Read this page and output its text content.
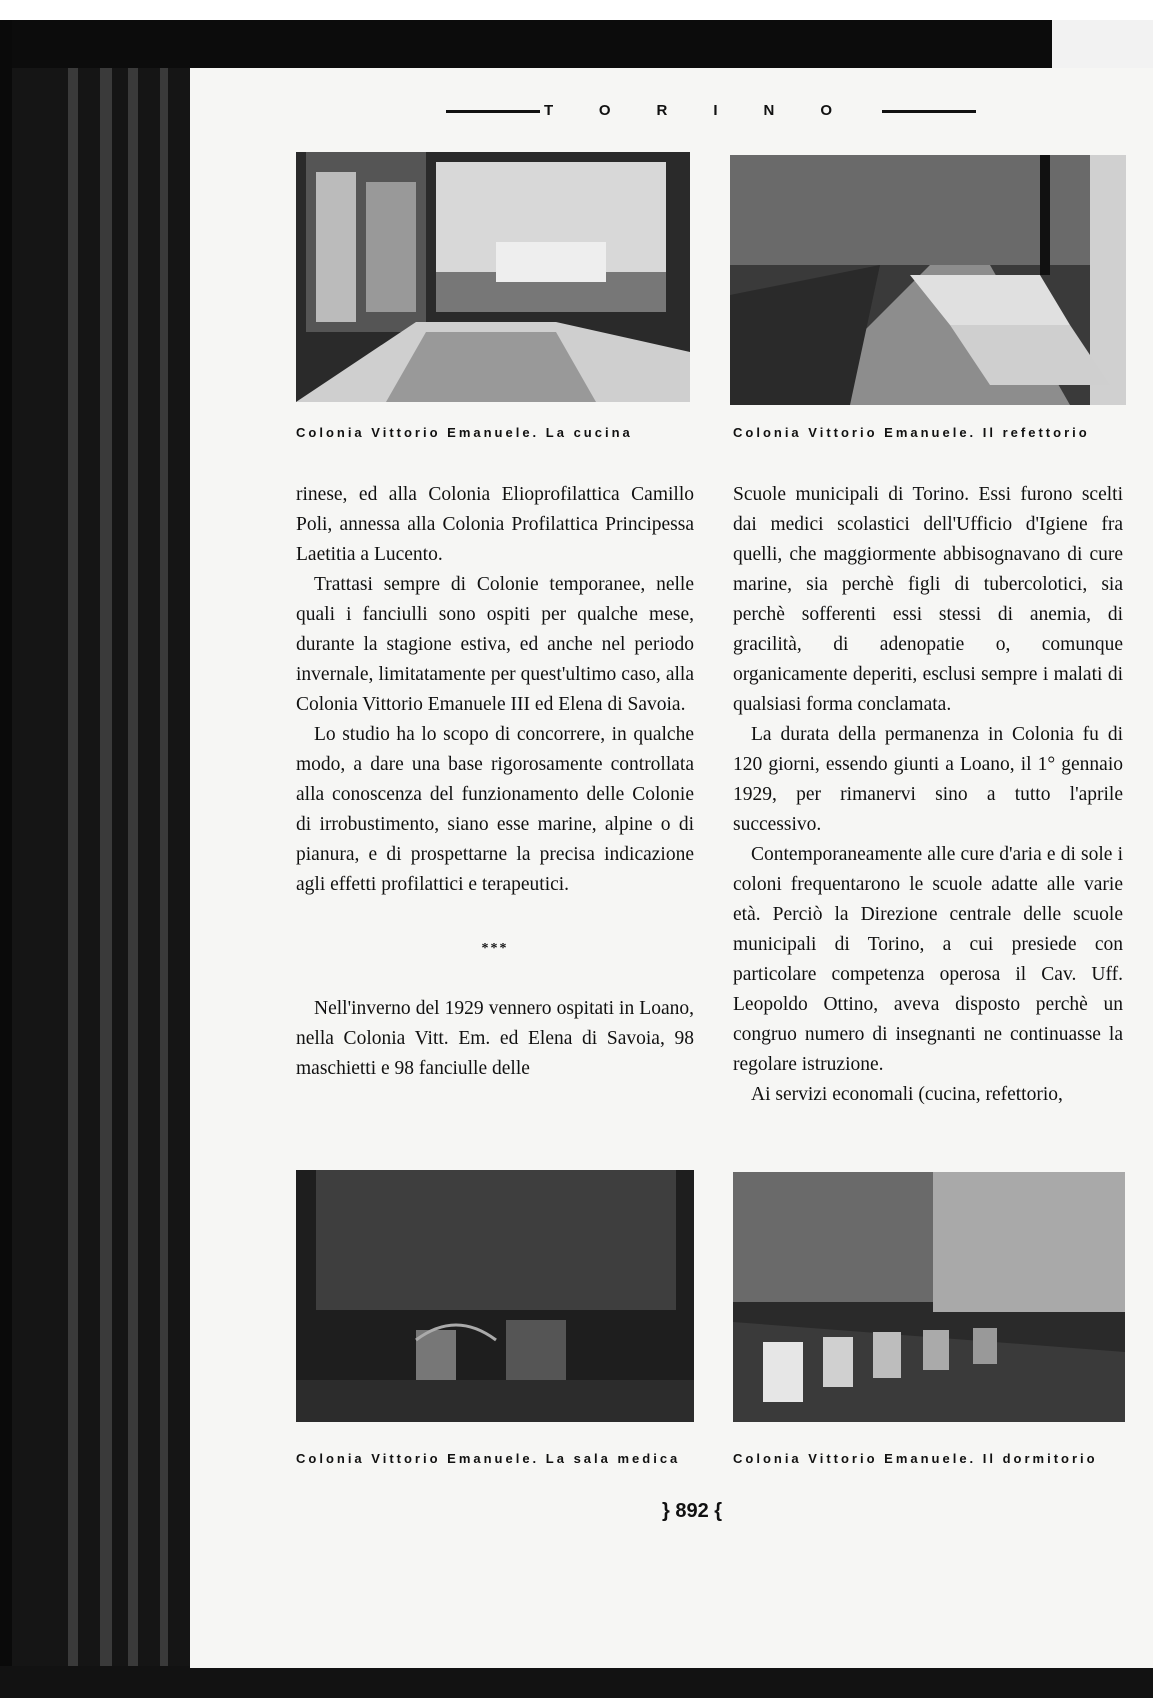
TORINO
Colonia Vittorio Emanuele. La cucina	Colonia Vittorio Emanuele. Il refettorio

rinese, ed alla Colonia Elioprofilattica Camillo Poli, annessa alla Colonia Profilattica Principessa Laetitia a Lucento.

Trattasi sempre di Colonie temporanee, nelle quali i fanciulli sono ospiti per qualche mese, durante la stagione estiva, ed anche nel periodo invernale, limitatamente per quest'ultimo caso, alla Colonia Vittorio Emanuele III ed Elena di Savoia.

Lo studio ha lo scopo di concorrere, in qualche modo, a dare una base rigorosamente controllata alla conoscenza del funzionamento delle Colonie di irrobustimento, siano esse marine, alpine o di pianura, e di prospettarne la precisa indicazione agli effetti profilattici e terapeutici.

***

Nell'inverno del 1929 vennero ospitati in Loano, nella Colonia Vitt. Em. ed Elena di Savoia, 98 maschietti e 98 fanciulle delle

Scuole municipali di Torino. Essi furono scelti dai medici scolastici dell'Ufficio d'Igiene fra quelli, che maggiormente abbisognavano di cure marine, sia perchè figli di tubercolotici, sia perchè sofferenti essi stessi di anemia, di gracilità, di adenopatie o, comunque organicamente deperiti, esclusi sempre i malati di qualsiasi forma conclamata.

La durata della permanenza in Colonia fu di 120 giorni, essendo giunti a Loano, il 1° gennaio 1929, per rimanervi sino a tutto l'aprile successivo.

Contemporaneamente alle cure d'aria e di sole i coloni frequentarono le scuole adatte alle varie età. Perciò la Direzione centrale delle scuole municipali di Torino, a cui presiede con particolare competenza operosa il Cav. Uff. Leopoldo Ottino, aveva disposto perchè un congruo numero di insegnanti ne continuasse la regolare istruzione.

Ai servizi economali (cucina, refettorio,

Colonia Vittorio Emanuele. La sala medica	Colonia Vittorio Emanuele. Il dormitorio
} 892 {
